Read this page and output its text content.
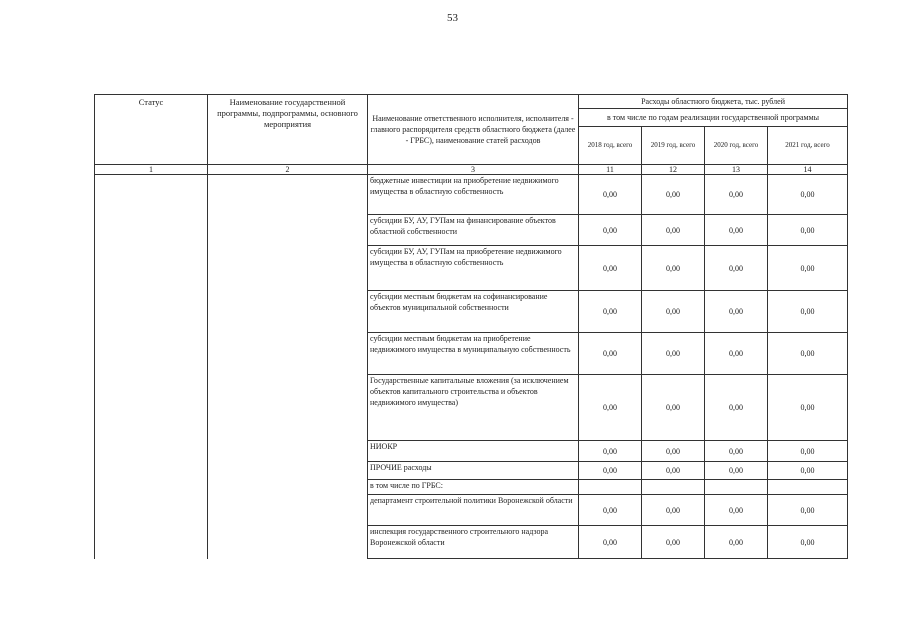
53
Статус	Наименование государственной программы, подпрограммы, основного мероприятия	Наименование ответственного исполнителя, исполнителя - главного распорядителя средств областного бюджета (далее - ГРБС), наименование статей расходов	Расходы областного бюджета, тыс. рублей			
			в том числе по годам реализации государственной программы			
			2018 год, всего	2019 год, всего	2020 год, всего	2021 год, всего
1	2	3	11	12	13	14
		бюджетные инвестиции на приобретение недвижимого имущества в областную собственность	0,00	0,00	0,00	0,00
		субсидии БУ, АУ, ГУПам на финансирование объектов областной собственности	0,00	0,00	0,00	0,00
		субсидии БУ, АУ, ГУПам на приобретение недвижимого имущества в областную собственность	0,00	0,00	0,00	0,00
		субсидии местным бюджетам на софинансирование объектов муниципальной собственности	0,00	0,00	0,00	0,00
		субсидии местным бюджетам на приобретение недвижимого имущества в муниципальную собственность	0,00	0,00	0,00	0,00
		Государственные капитальные вложения (за исключением объектов капитального строительства и объектов недвижимого имущества)	0,00	0,00	0,00	0,00
		НИОКР	0,00	0,00	0,00	0,00
		ПРОЧИЕ расходы	0,00	0,00	0,00	0,00
		в том числе по ГРБС:				
		департамент строительной политики Воронежской области	0,00	0,00	0,00	0,00
		инспекция государственного строительного надзора Воронежской области	0,00	0,00	0,00	0,00
